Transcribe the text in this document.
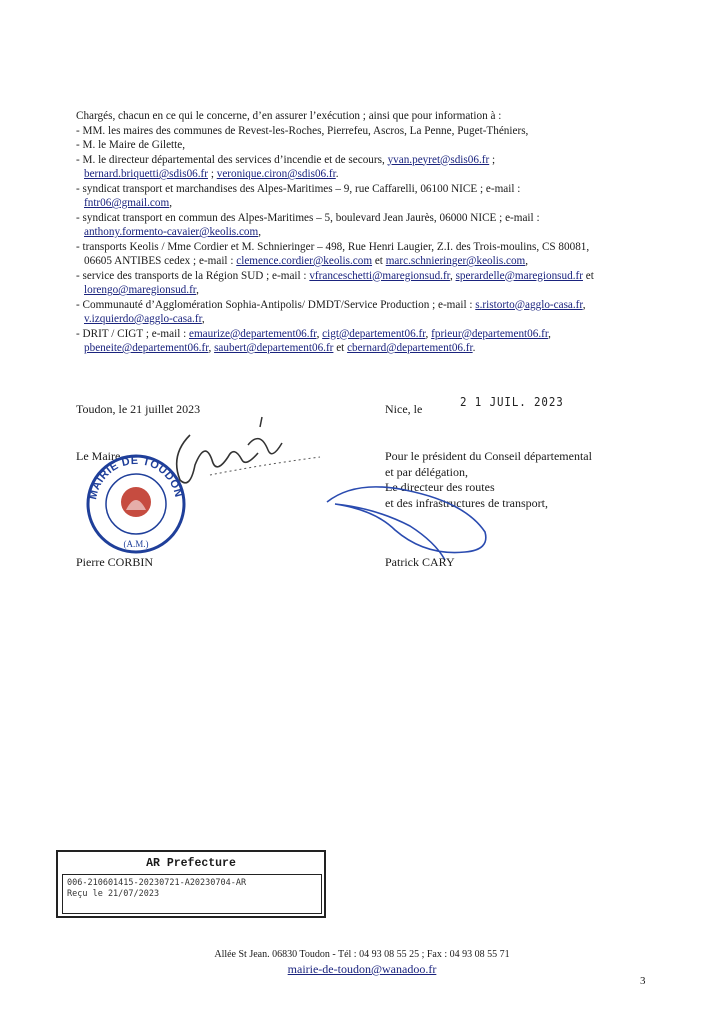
Chargés, chacun en ce qui le concerne, d’en assurer l’exécution ; ainsi que pour information à :

- MM. les maires des communes de Revest-les-Roches, Pierrefeu, Ascros, La Penne, Puget-Théniers,

- M. le Maire de Gilette,

- M. le directeur départemental des services d’incendie et de secours, yvan.peyret@sdis06.fr ;

bernard.briquetti@sdis06.fr ; veronique.ciron@sdis06.fr.

- syndicat transport et marchandises des Alpes-Maritimes – 9, rue Caffarelli, 06100 NICE ; e-mail :

fntr06@gmail.com,

- syndicat transport en commun des Alpes-Maritimes – 5, boulevard Jean Jaurès, 06000 NICE ; e-mail :

anthony.formento-cavaier@keolis.com,

- transports Keolis / Mme Cordier et M. Schnieringer – 498, Rue Henri Laugier, Z.I. des Trois-moulins, CS 80081,

06605 ANTIBES cedex ; e-mail : clemence.cordier@keolis.com et marc.schnieringer@keolis.com,

- service des transports de la Région SUD ; e-mail : vfranceschetti@maregionsud.fr, sperardelle@maregionsud.fr et

lorengo@maregionsud.fr,

- Communauté d’Agglomération Sophia-Antipolis/ DMDT/Service Production ; e-mail : s.ristorto@agglo-casa.fr,

v.izquierdo@agglo-casa.fr,

- DRIT / CIGT ; e-mail : emaurize@departement06.fr, cigt@departement06.fr, fprieur@departement06.fr,

pbeneite@departement06.fr, saubert@departement06.fr et cbernard@departement06.fr.

Toudon, le 21 juillet 2023	Nice, le	2 1 JUIL. 2023
Le Maire	Pour le président du Conseil départemental
et par délégation,
Le directeur des routes
et des infrastructures de transport,
MAIRIE DE TOUDON
(A.M.)
Pierre CORBIN	Patrick CARY
AR Prefecture
006-210601415-20230721-A20230704-AR
Reçu le 21/07/2023
Allée St Jean. 06830 Toudon - Tél : 04 93 08 55 25 ; Fax : 04 93 08 55 71
mairie-de-toudon@wanadoo.fr
3
